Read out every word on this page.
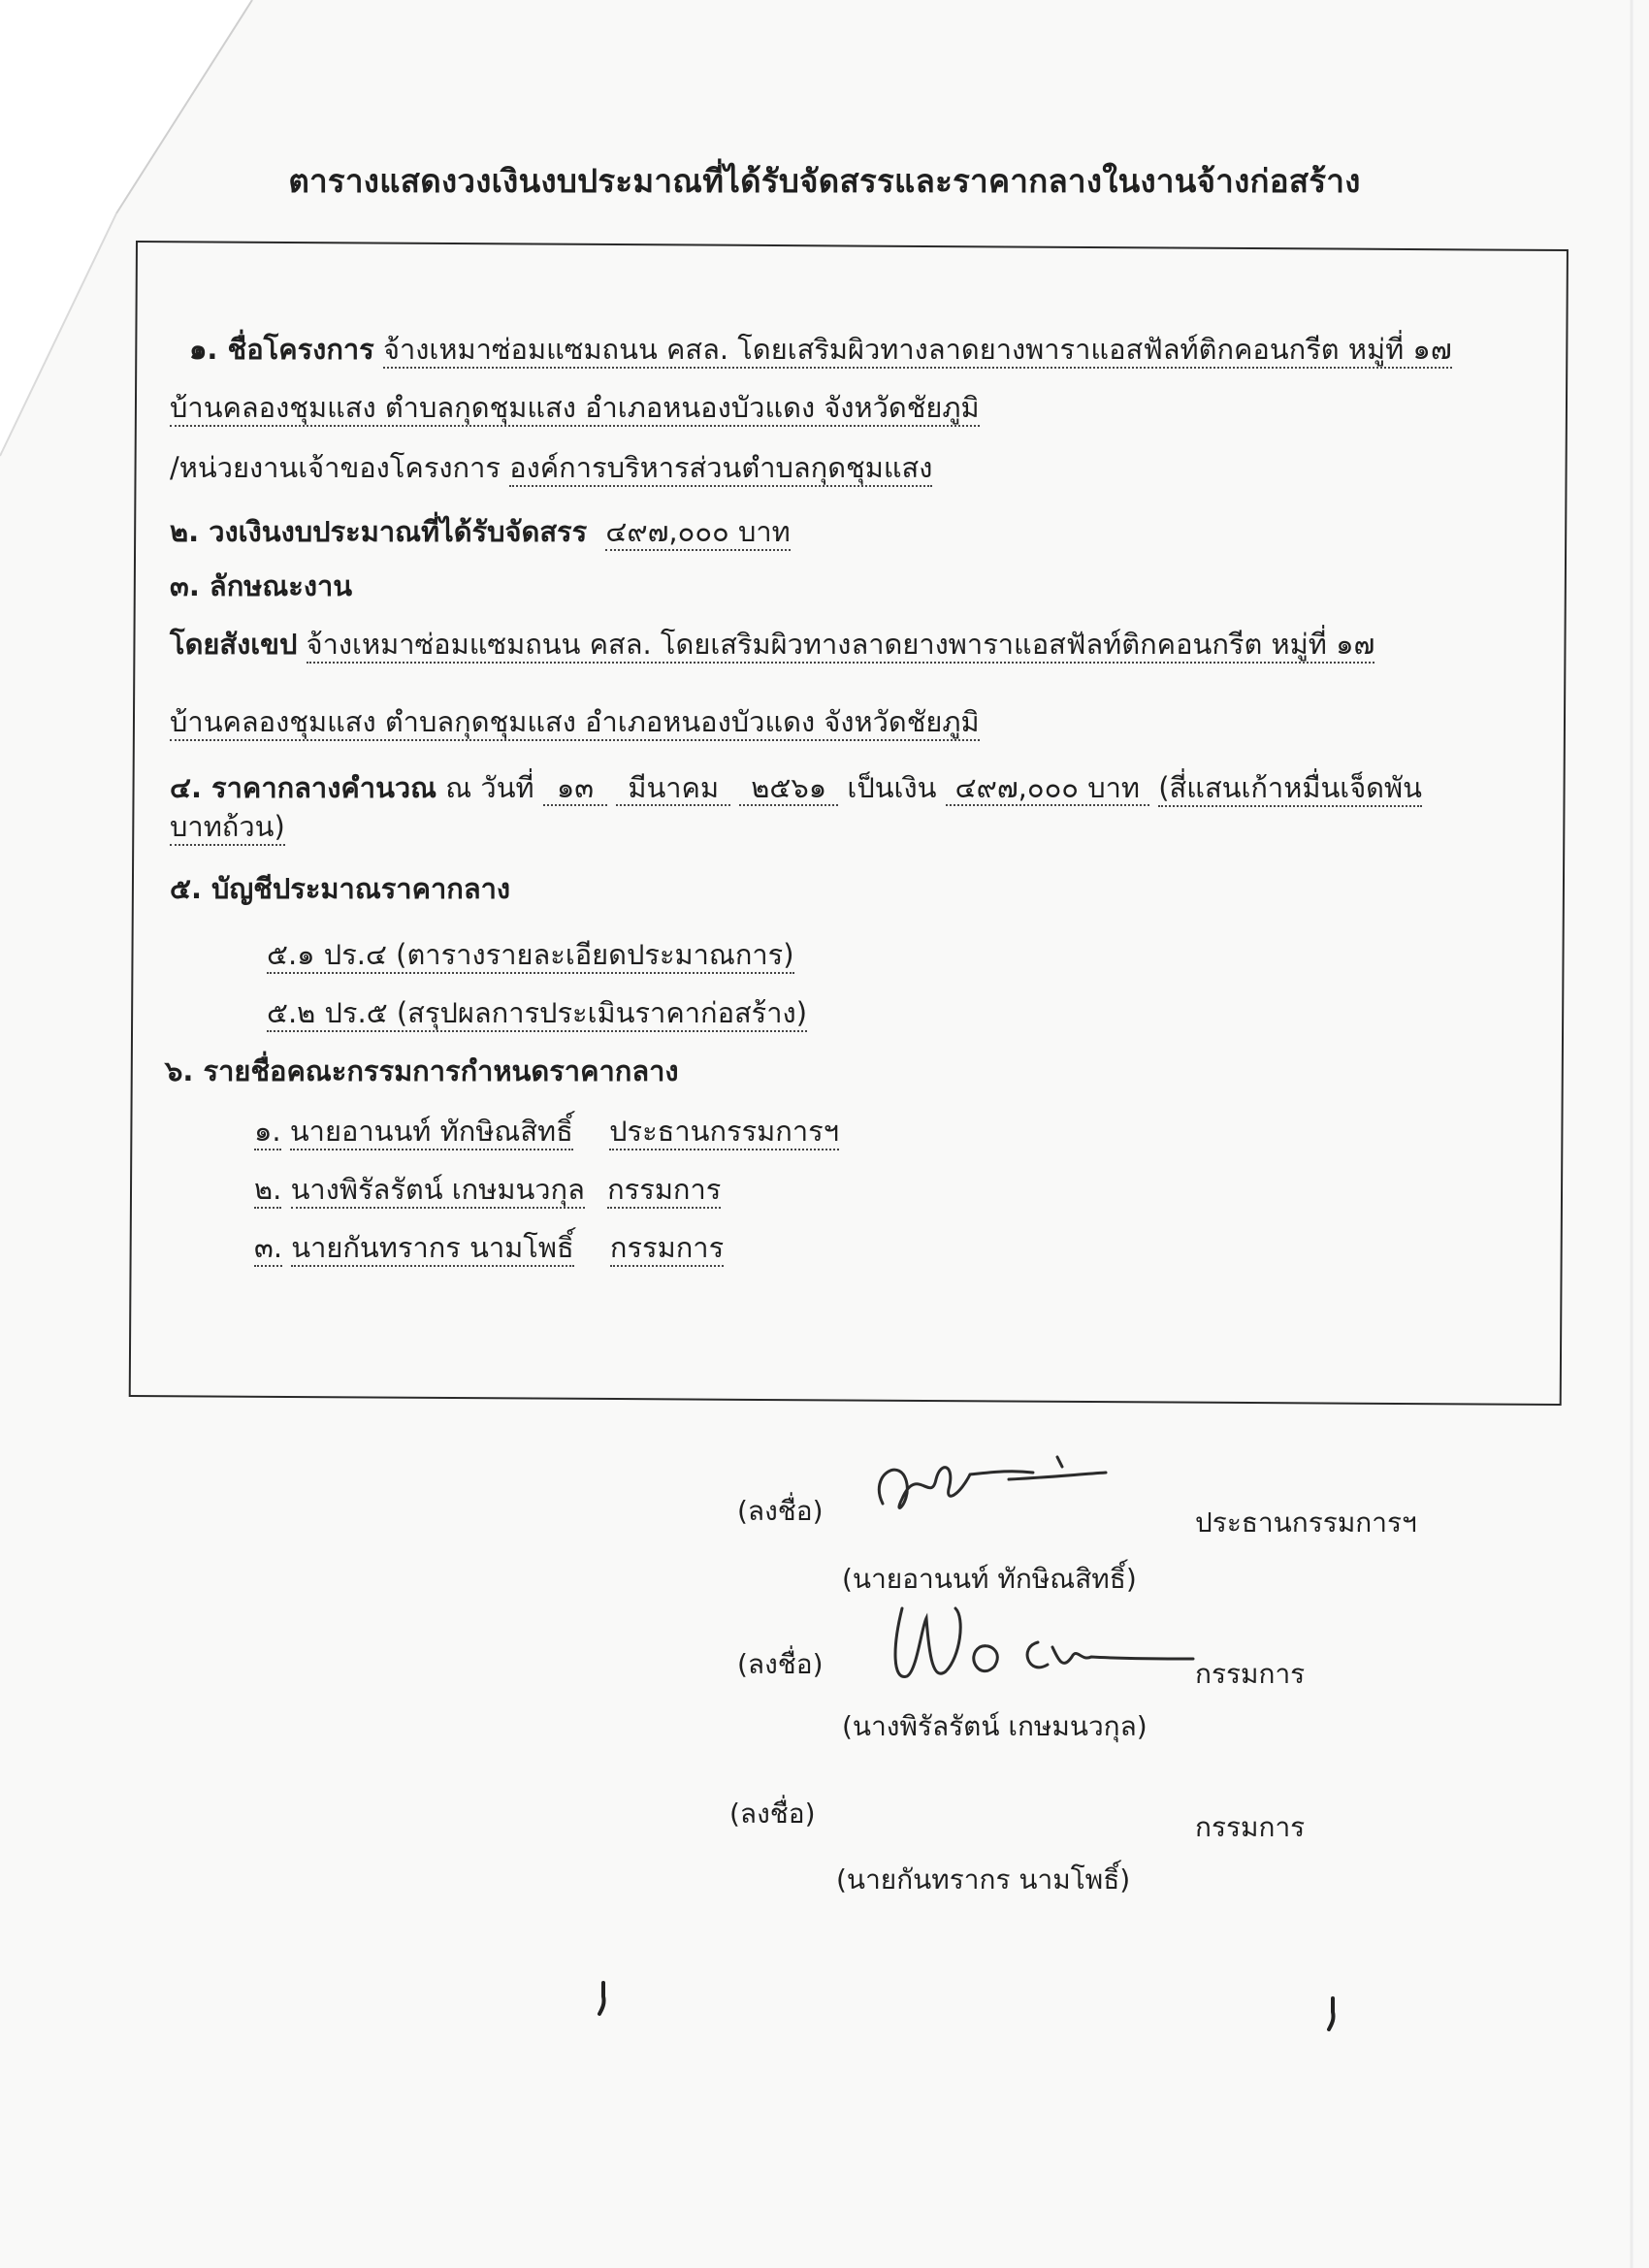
ตารางแสดงวงเงินงบประมาณที่ได้รับจัดสรรและราคากลางในงานจ้างก่อสร้าง
๑. ชื่อโครงการ จ้างเหมาซ่อมแซมถนน คสล. โดยเสริมผิวทางลาดยางพาราแอสฟัลท์ติกคอนกรีต หมู่ที่ ๑๗
บ้านคลองชุมแสง ตำบลกุดชุมแสง อำเภอหนองบัวแดง จังหวัดชัยภูมิ
/หน่วยงานเจ้าของโครงการ องค์การบริหารส่วนตำบลกุดชุมแสง
๒. วงเงินงบประมาณที่ได้รับจัดสรร ๔๙๗,๐๐๐ บาท
๓. ลักษณะงาน
โดยสังเขป จ้างเหมาซ่อมแซมถนน คสล. โดยเสริมผิวทางลาดยางพาราแอสฟัลท์ติกคอนกรีต หมู่ที่ ๑๗
บ้านคลองชุมแสง ตำบลกุดชุมแสง อำเภอหนองบัวแดง จังหวัดชัยภูมิ
๔. ราคากลางคำนวณ ณ วันที่ ๑๓ มีนาคม ๒๕๖๑ เป็นเงิน ๔๙๗,๐๐๐ บาท (สี่แสนเก้าหมื่นเจ็ดพัน
บาทถ้วน)
๕. บัญชีประมาณราคากลาง
๕.๑ ปร.๔ (ตารางรายละเอียดประมาณการ)
๕.๒ ปร.๕ (สรุปผลการประเมินราคาก่อสร้าง)
๖. รายชื่อคณะกรรมการกำหนดราคากลาง
๑. นายอานนท์ ทักษิณสิทธิ์ ประธานกรรมการฯ
๒. นางพิรัลรัตน์ เกษมนวกุล กรรมการ
๓. นายกันทรากร นามโพธิ์ กรรมการ
(ลงชื่อ)	ประธานกรรมการฯ
(นายอานนท์ ทักษิณสิทธิ์)
(ลงชื่อ)	กรรมการ
(นางพิรัลรัตน์ เกษมนวกุล)
(ลงชื่อ)	กรรมการ
(นายกันทรากร นามโพธิ์)
